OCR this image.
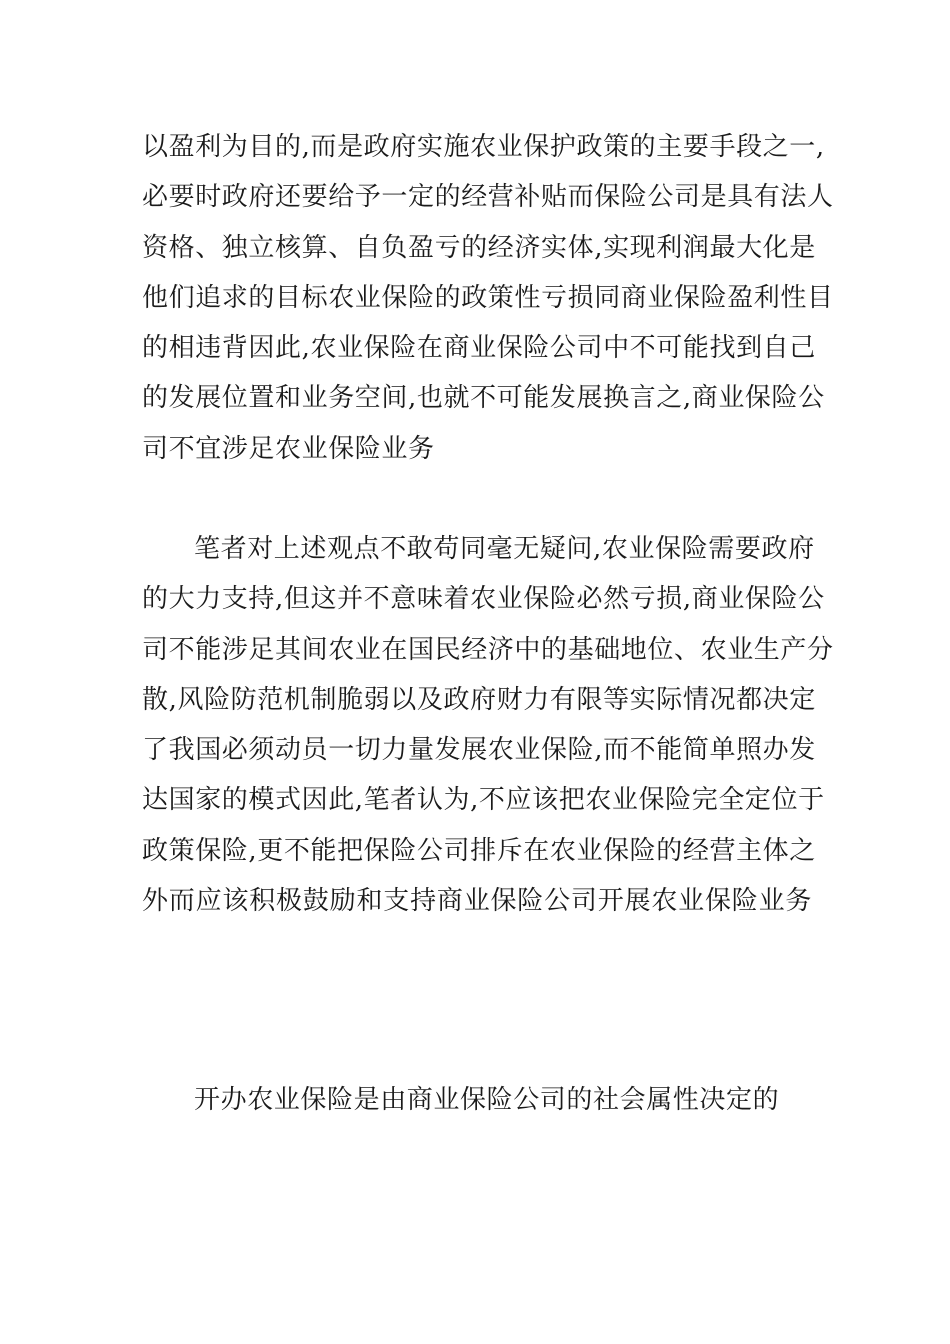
以盈利为目的,而是政府实施农业保护政策的主要手段之一,
必要时政府还要给予一定的经营补贴而保险公司是具有法人
资格、独立核算、自负盈亏的经济实体,实现利润最大化是
他们追求的目标农业保险的政策性亏损同商业保险盈利性目
的相违背因此,农业保险在商业保险公司中不可能找到自己
的发展位置和业务空间,也就不可能发展换言之,商业保险公
司不宜涉足农业保险业务

笔者对上述观点不敢苟同毫无疑问,农业保险需要政府
的大力支持,但这并不意味着农业保险必然亏损,商业保险公
司不能涉足其间农业在国民经济中的基础地位、农业生产分
散,风险防范机制脆弱以及政府财力有限等实际情况都决定
了我国必须动员一切力量发展农业保险,而不能简单照办发
达国家的模式因此,笔者认为,不应该把农业保险完全定位于
政策保险,更不能把保险公司排斥在农业保险的经营主体之
外而应该积极鼓励和支持商业保险公司开展农业保险业务

开办农业保险是由商业保险公司的社会属性决定的
